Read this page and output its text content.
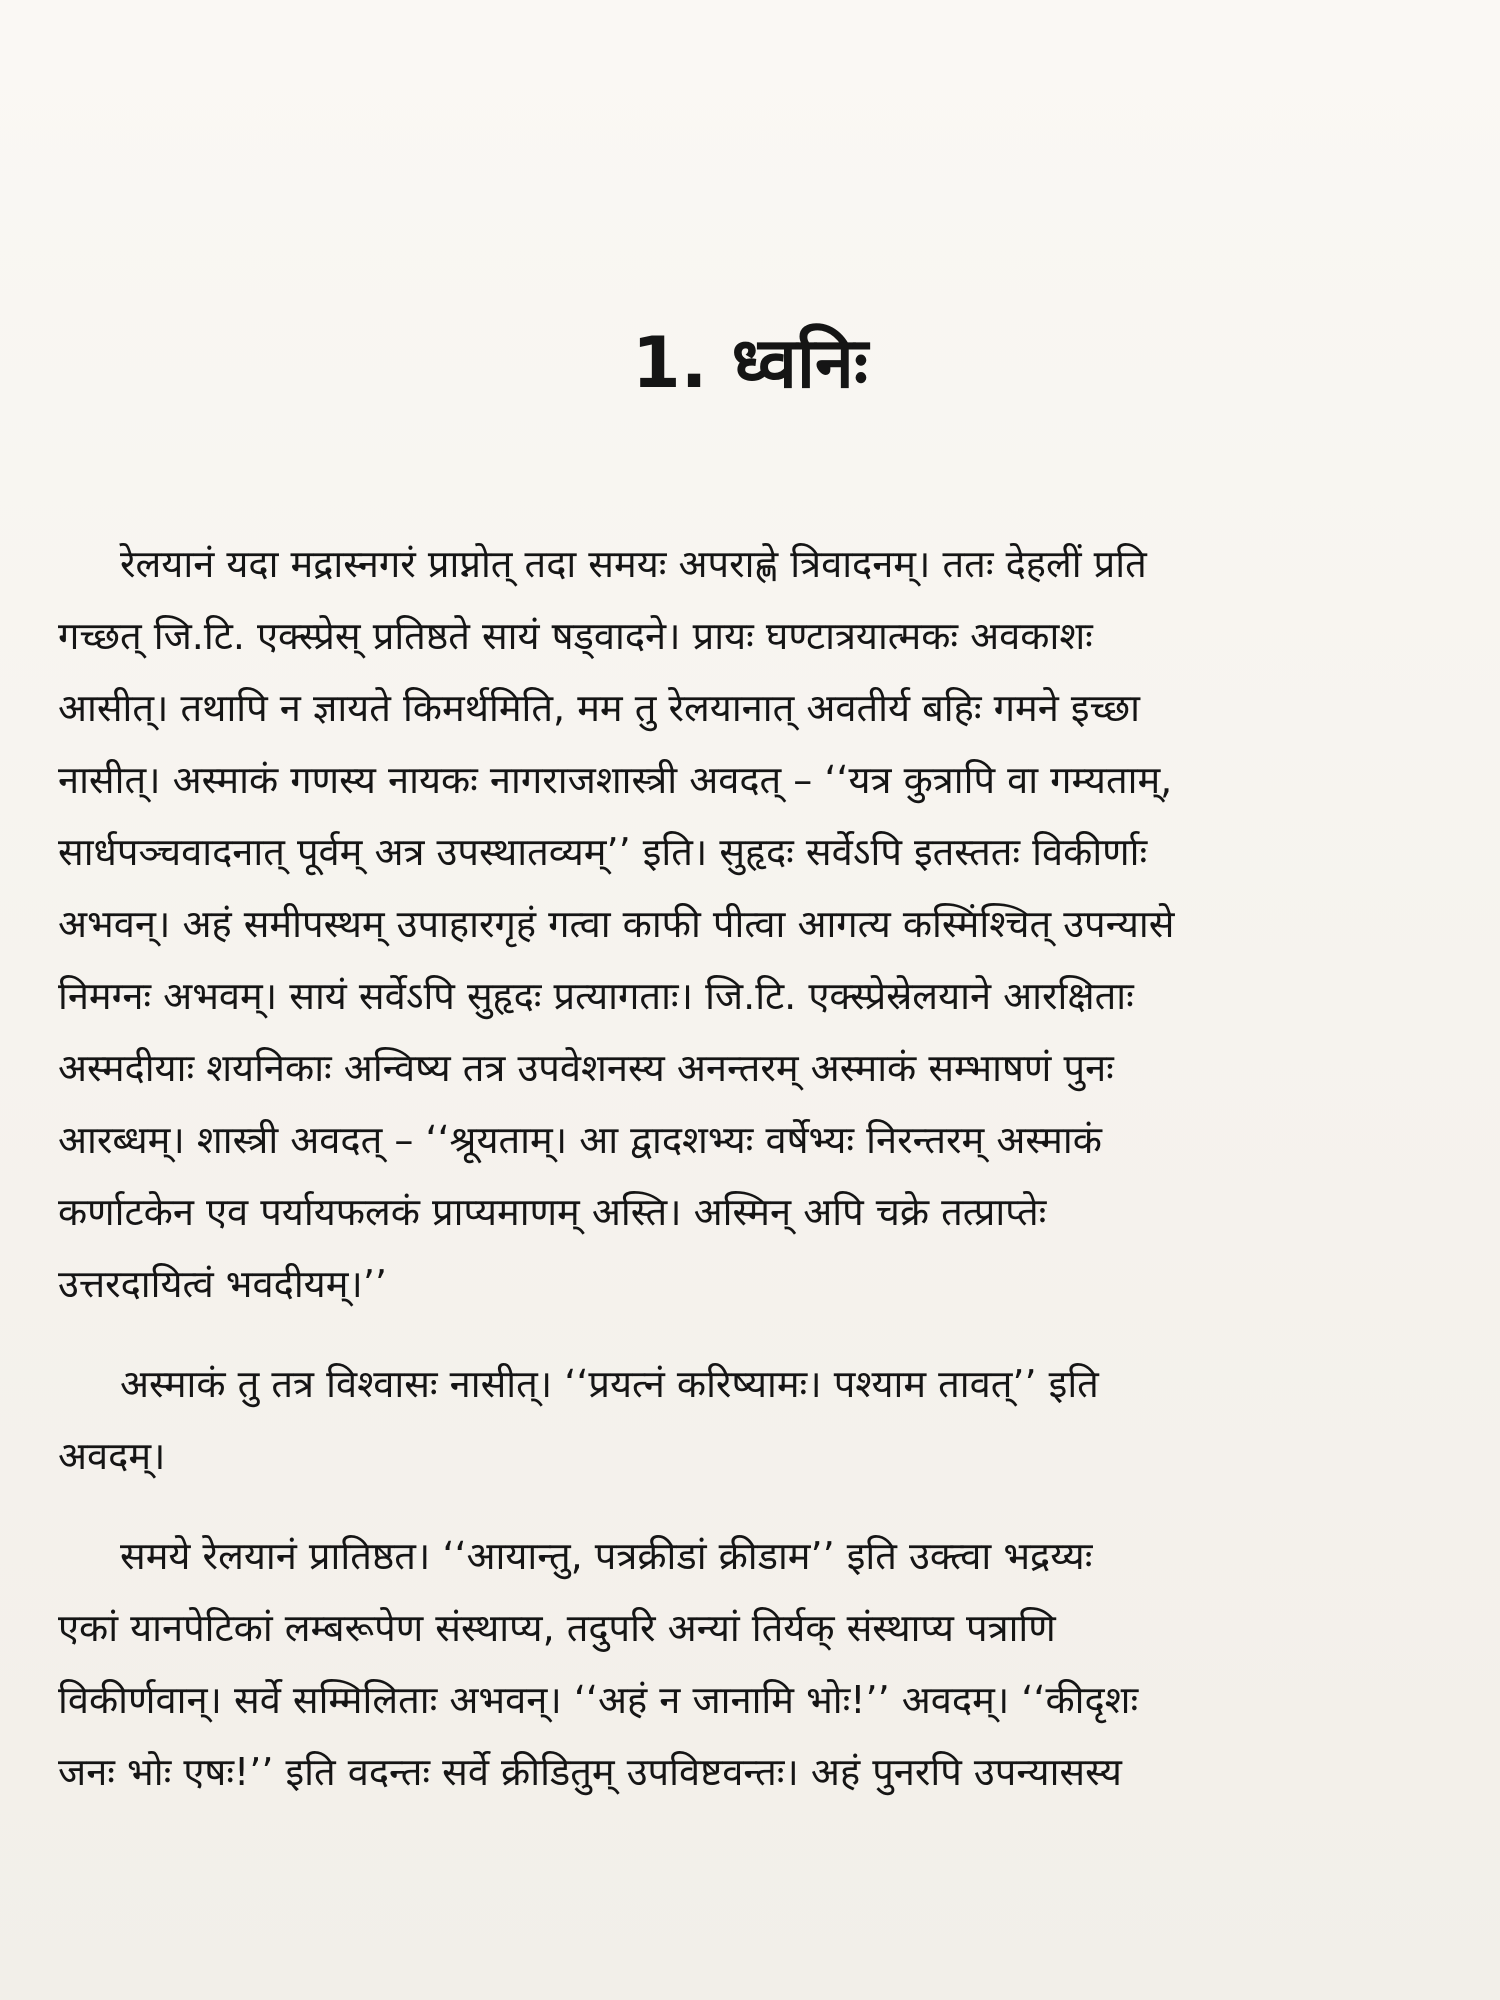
1. ध्वनिः

रेलयानं यदा मद्रास्नगरं प्राप्नोत् तदा समयः अपराह्णे त्रिवादनम्। ततः देहलीं प्रति
गच्छत् जि.टि. एक्स्प्रेस् प्रतिष्ठते सायं षड्वादने। प्रायः घण्टात्रयात्मकः अवकाशः
आसीत्। तथापि न ज्ञायते किमर्थमिति, मम तु रेलयानात् अवतीर्य बहिः गमने इच्छा
नासीत्। अस्माकं गणस्य नायकः नागराजशास्त्री अवदत् – ‘‘यत्र कुत्रापि वा गम्यताम्,
सार्धपञ्चवादनात् पूर्वम् अत्र उपस्थातव्यम्’’ इति। सुहृदः सर्वेऽपि इतस्ततः विकीर्णाः
अभवन्। अहं समीपस्थम् उपाहारगृहं गत्वा काफी पीत्वा आगत्य कस्मिंश्चित् उपन्यासे
निमग्नः अभवम्। सायं सर्वेऽपि सुहृदः प्रत्यागताः। जि.टि. एक्स्प्रेस्रेलयाने आरक्षिताः
अस्मदीयाः शयनिकाः अन्विष्य तत्र उपवेशनस्य अनन्तरम् अस्माकं सम्भाषणं पुनः
आरब्धम्। शास्त्री अवदत् – ‘‘श्रूयताम्। आ द्वादशभ्यः वर्षेभ्यः निरन्तरम् अस्माकं
कर्णाटकेन एव पर्यायफलकं प्राप्यमाणम् अस्ति। अस्मिन् अपि चक्रे तत्प्राप्तेः
उत्तरदायित्वं भवदीयम्।’’

अस्माकं तु तत्र विश्वासः नासीत्। ‘‘प्रयत्नं करिष्यामः। पश्याम तावत्’’ इति
अवदम्।

समये रेलयानं प्रातिष्ठत। ‘‘आयान्तु, पत्रक्रीडां क्रीडाम’’ इति उक्त्वा भद्रय्यः
एकां यानपेटिकां लम्बरूपेण संस्थाप्य, तदुपरि अन्यां तिर्यक् संस्थाप्य पत्राणि
विकीर्णवान्। सर्वे सम्मिलिताः अभवन्। ‘‘अहं न जानामि भोः!’’ अवदम्। ‘‘कीदृशः
जनः भोः एषः!’’ इति वदन्तः सर्वे क्रीडितुम् उपविष्टवन्तः। अहं पुनरपि उपन्यासस्य
